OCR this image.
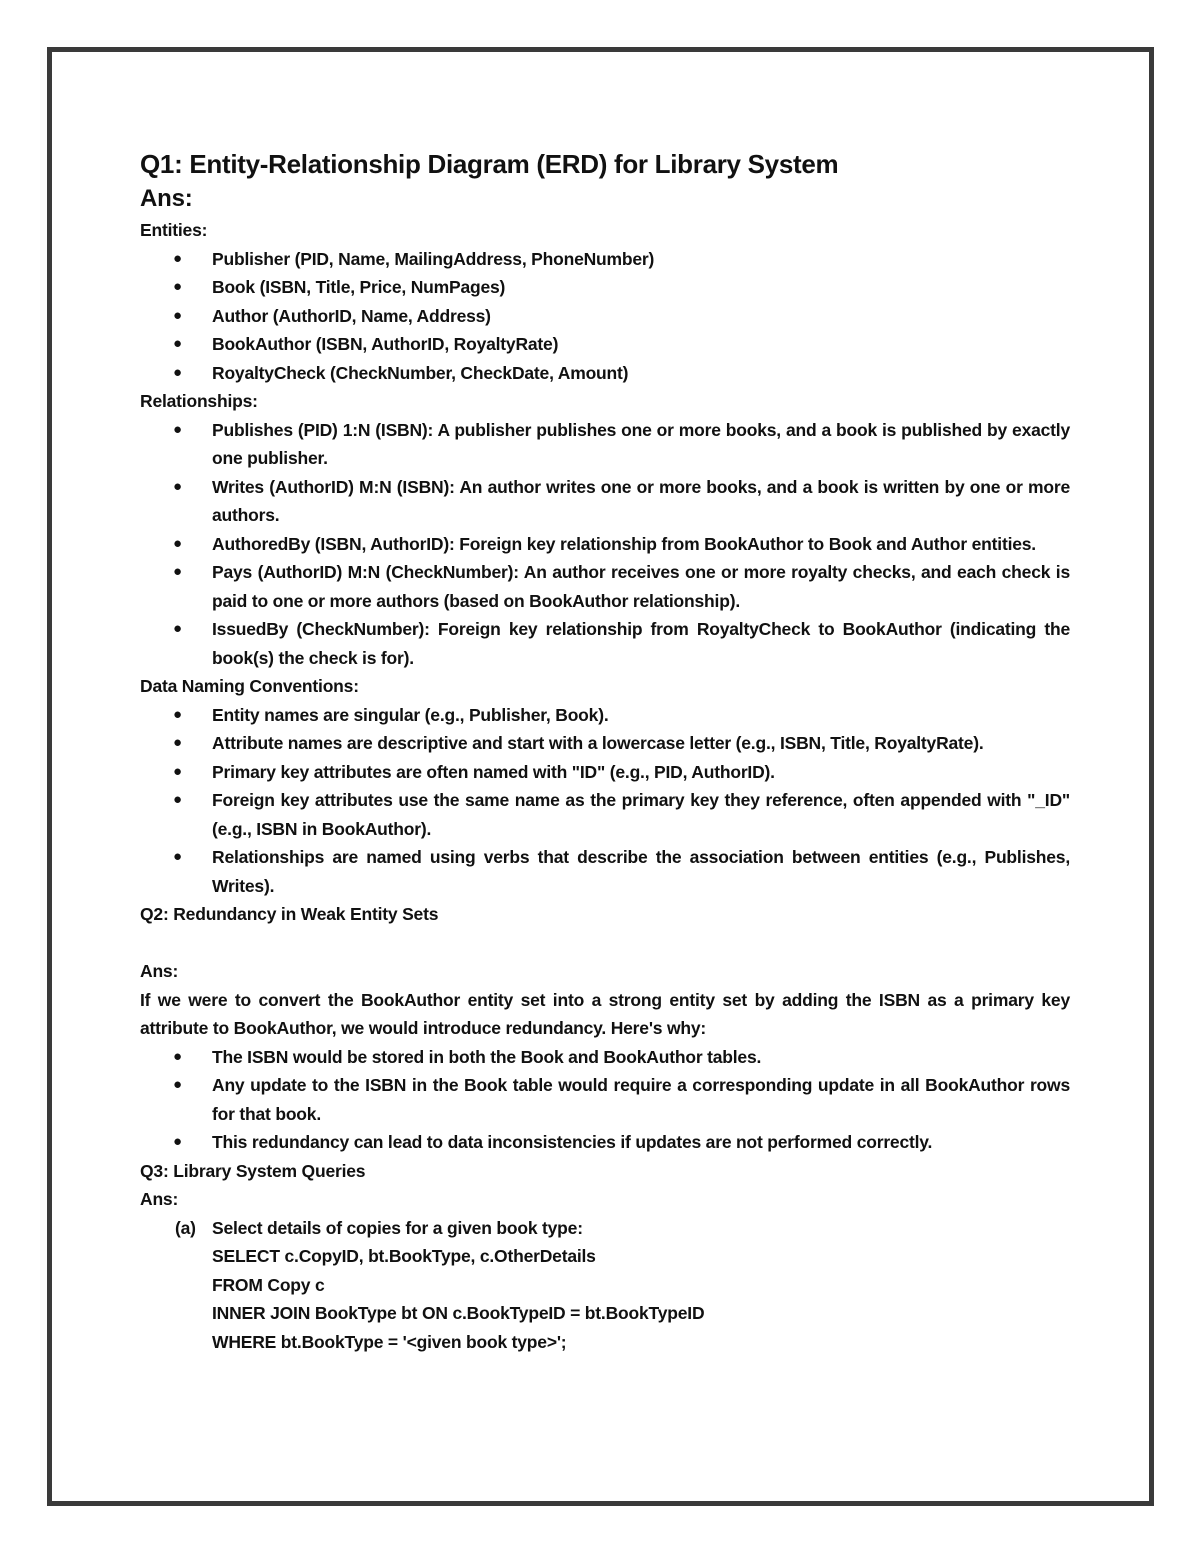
Q1: Entity-Relationship Diagram (ERD) for Library System

Ans:

Entities:

● Publisher (PID, Name, MailingAddress, PhoneNumber)
● Book (ISBN, Title, Price, NumPages)
● Author (AuthorID, Name, Address)
● BookAuthor (ISBN, AuthorID, RoyaltyRate)
● RoyaltyCheck (CheckNumber, CheckDate, Amount)

Relationships:

● Publishes (PID) 1:N (ISBN): A publisher publishes one or more books, and a book is published by exactly one publisher.
● Writes (AuthorID) M:N (ISBN): An author writes one or more books, and a book is written by one or more authors.
● AuthoredBy (ISBN, AuthorID): Foreign key relationship from BookAuthor to Book and Author entities.
● Pays (AuthorID) M:N (CheckNumber): An author receives one or more royalty checks, and each check is paid to one or more authors (based on BookAuthor relationship).
● IssuedBy (CheckNumber): Foreign key relationship from RoyaltyCheck to BookAuthor (indicating the book(s) the check is for).

Data Naming Conventions:

● Entity names are singular (e.g., Publisher, Book).
● Attribute names are descriptive and start with a lowercase letter (e.g., ISBN, Title, RoyaltyRate).
● Primary key attributes are often named with "ID" (e.g., PID, AuthorID).
● Foreign key attributes use the same name as the primary key they reference, often appended with "_ID" (e.g., ISBN in BookAuthor).
● Relationships are named using verbs that describe the association between entities (e.g., Publishes, Writes).

Q2: Redundancy in Weak Entity Sets

Ans:

If we were to convert the BookAuthor entity set into a strong entity set by adding the ISBN as a primary key attribute to BookAuthor, we would introduce redundancy. Here's why:

● The ISBN would be stored in both the Book and BookAuthor tables.
● Any update to the ISBN in the Book table would require a corresponding update in all BookAuthor rows for that book.
● This redundancy can lead to data inconsistencies if updates are not performed correctly.

Q3: Library System Queries

Ans:

(a) Select details of copies for a given book type:

SELECT c.CopyID, bt.BookType, c.OtherDetails

FROM Copy c

INNER JOIN BookType bt ON c.BookTypeID = bt.BookTypeID

WHERE bt.BookType = '<given book type>';
